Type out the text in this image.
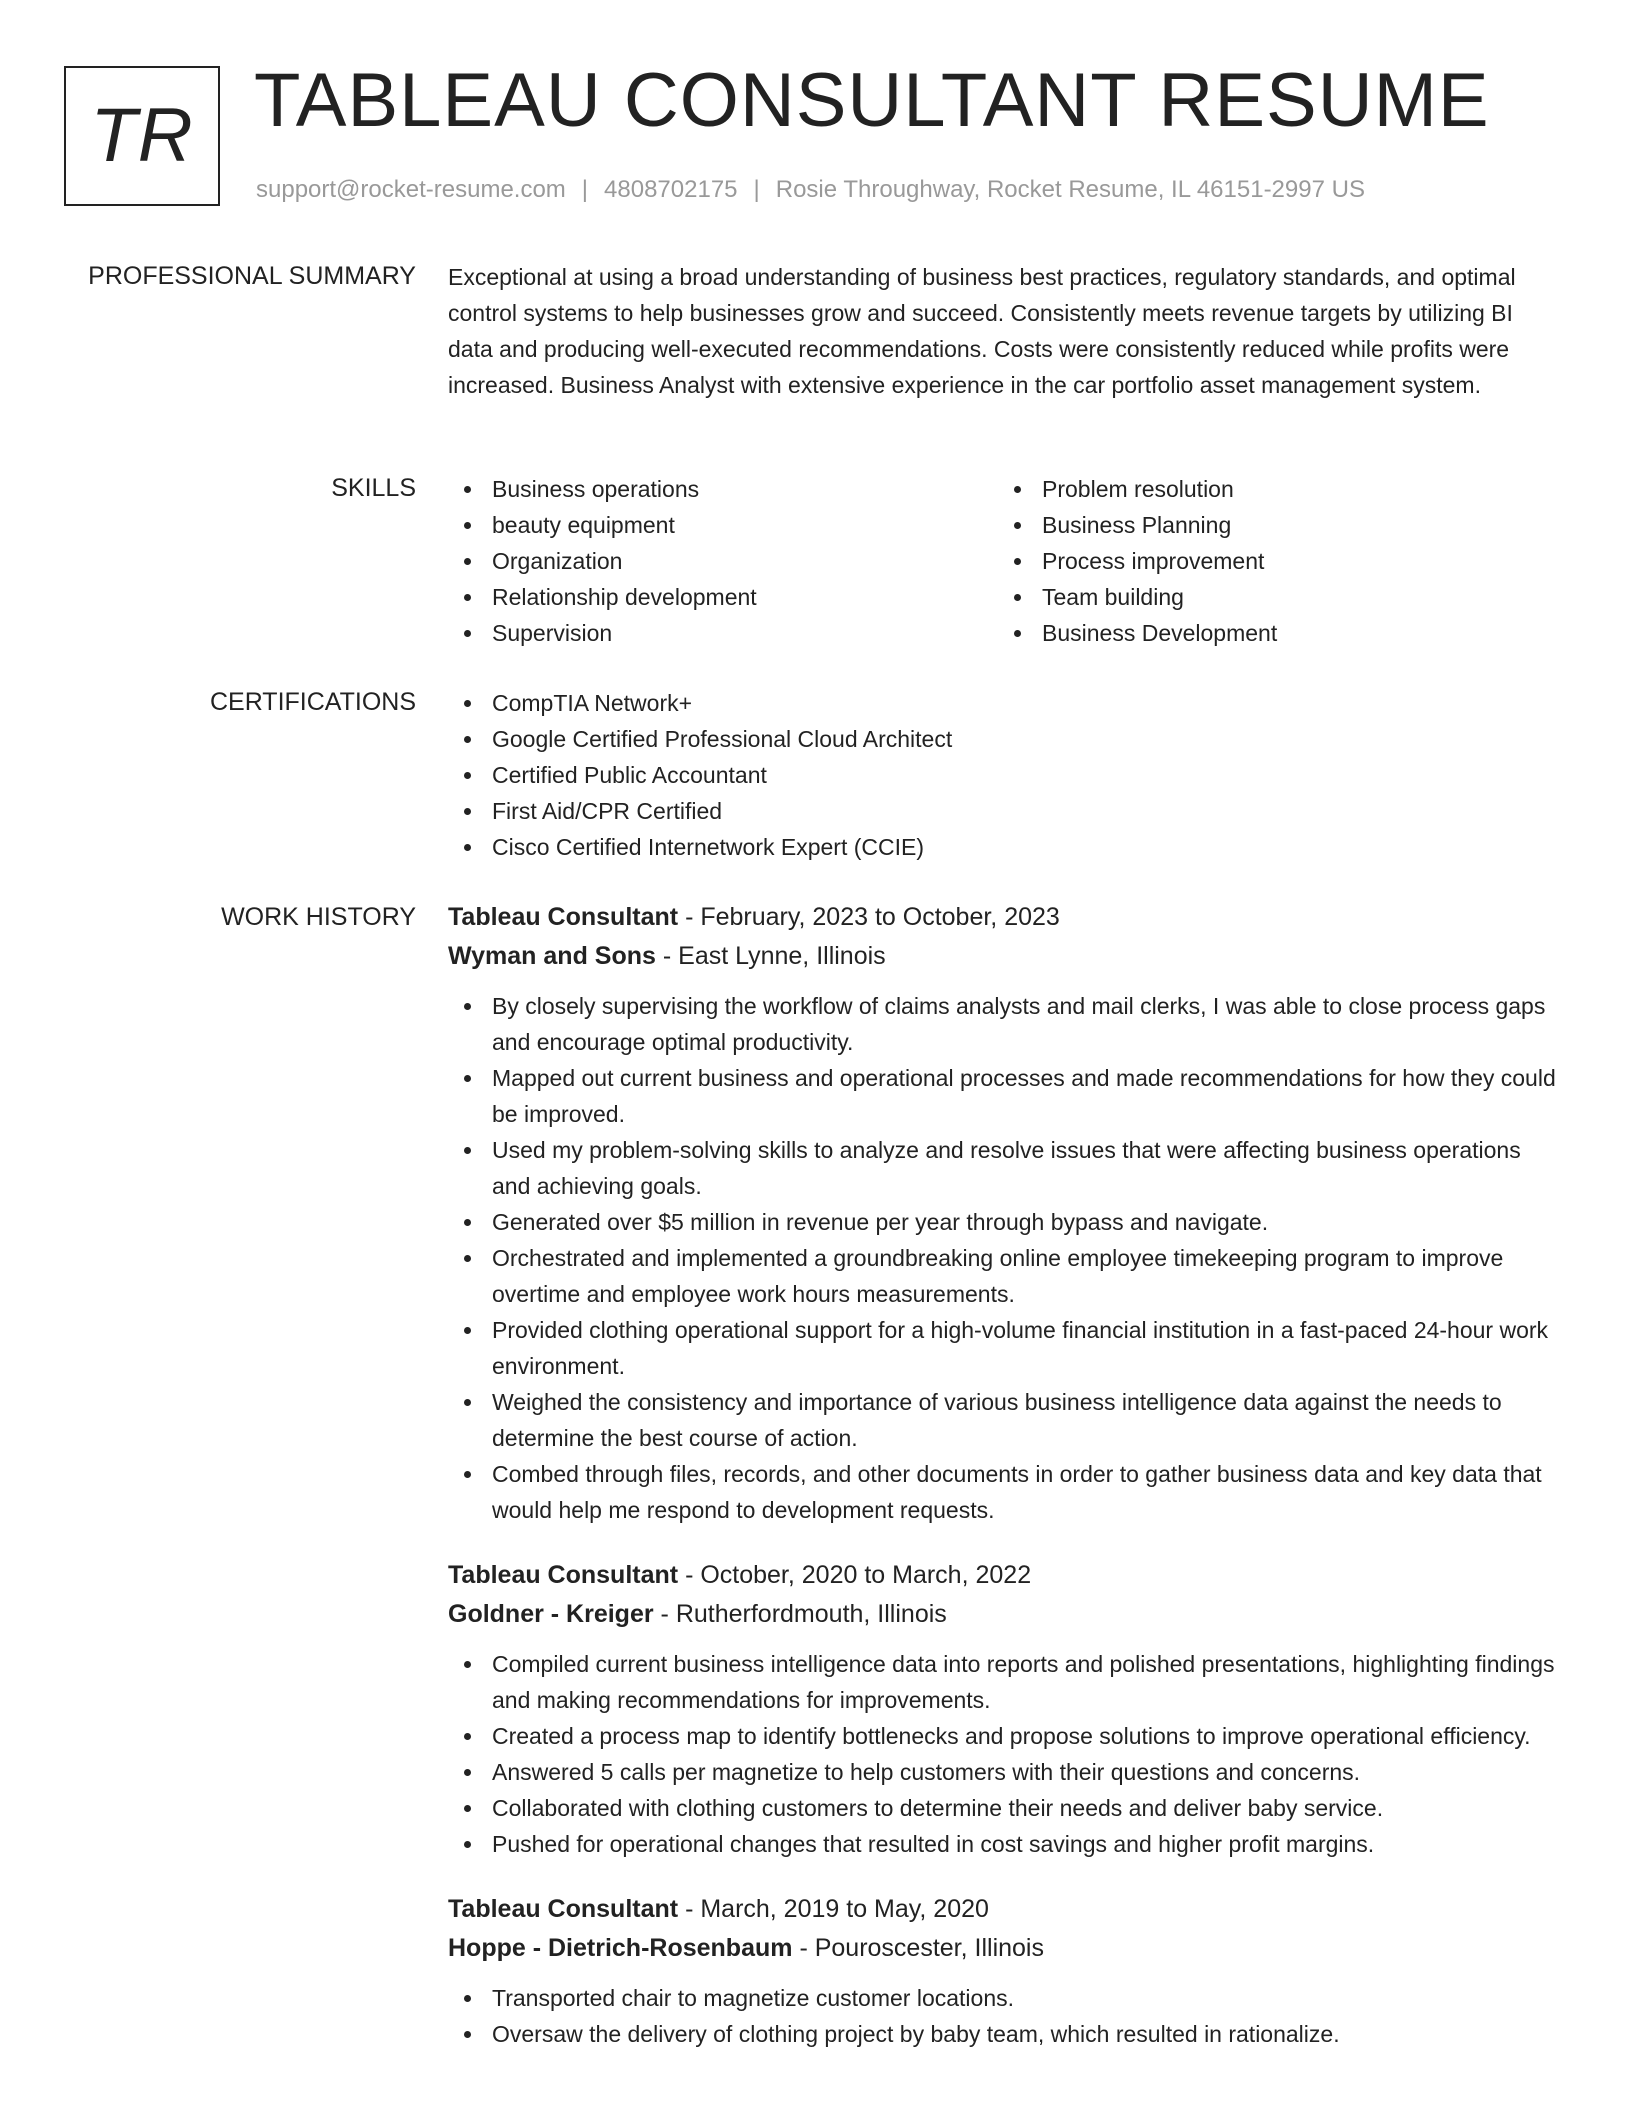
TR TABLEAU CONSULTANT RESUME
support@rocket-resume.com | 4808702175 | Rosie Throughway, Rocket Resume, IL 46151-2997 US
PROFESSIONAL SUMMARY Exceptional at using a broad understanding of business best practices, regulatory standards, and optimal control systems to help businesses grow and succeed. Consistently meets revenue targets by utilizing BI data and producing well-executed recommendations. Costs were consistently reduced while profits were increased. Business Analyst with extensive experience in the car portfolio asset management system.
SKILLS	Business operations
beauty equipment
Organization
Relationship development
Supervision
Problem resolution
Business Planning
Process improvement
Team building
Business Development
CERTIFICATIONS	CompTIA Network+
Google Certified Professional Cloud Architect
Certified Public Accountant
First Aid/CPR Certified
Cisco Certified Internetwork Expert (CCIE)
WORK HISTORY Tableau Consultant - February, 2023 to October, 2023
Wyman and Sons - East Lynne, Illinois
By closely supervising the workflow of claims analysts and mail clerks, I was able to close process gaps and encourage optimal productivity.
Mapped out current business and operational processes and made recommendations for how they could be improved.
Used my problem-solving skills to analyze and resolve issues that were affecting business operations and achieving goals.
Generated over $5 million in revenue per year through bypass and navigate.
Orchestrated and implemented a groundbreaking online employee timekeeping program to improve overtime and employee work hours measurements.
Provided clothing operational support for a high-volume financial institution in a fast-paced 24-hour work environment.
Weighed the consistency and importance of various business intelligence data against the needs to determine the best course of action.
Combed through files, records, and other documents in order to gather business data and key data that would help me respond to development requests.
Tableau Consultant - October, 2020 to March, 2022
Goldner - Kreiger - Rutherfordmouth, Illinois
Compiled current business intelligence data into reports and polished presentations, highlighting findings and making recommendations for improvements.
Created a process map to identify bottlenecks and propose solutions to improve operational efficiency.
Answered 5 calls per magnetize to help customers with their questions and concerns.
Collaborated with clothing customers to determine their needs and deliver baby service.
Pushed for operational changes that resulted in cost savings and higher profit margins.
Tableau Consultant - March, 2019 to May, 2020
Hoppe - Dietrich-Rosenbaum - Pouroscester, Illinois
Transported chair to magnetize customer locations.
Oversaw the delivery of clothing project by baby team, which resulted in rationalize.
